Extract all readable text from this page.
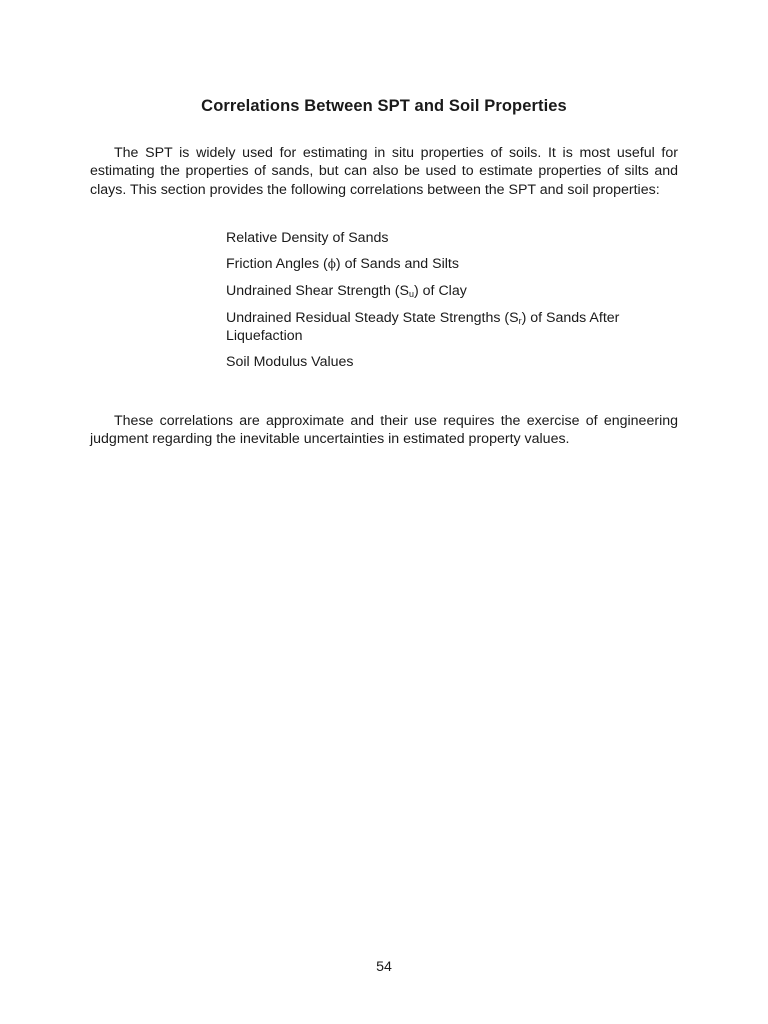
Correlations Between SPT and Soil Properties

The SPT is widely used for estimating in situ properties of soils. It is most useful for estimating the properties of sands, but can also be used to estimate properties of silts and clays. This section provides the following correlations between the SPT and soil properties:

Relative Density of Sands
Friction Angles (ϕ) of Sands and Silts
Undrained Shear Strength $(S_u)$ of Clay
Undrained Residual Steady State Strengths $(S_r)$ of Sands After Liquefaction
Soil Modulus Values

These correlations are approximate and their use requires the exercise of engineering judgment regarding the inevitable uncertainties in estimated property values.

54
